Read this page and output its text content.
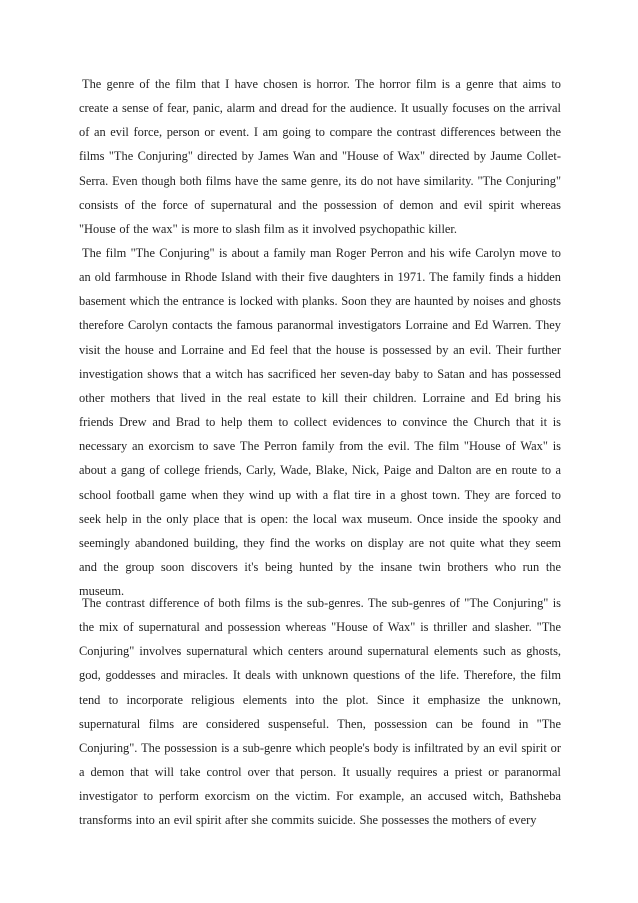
The genre of the film that I have chosen is horror. The horror film is a genre that aims to create a sense of fear, panic, alarm and dread for the audience. It usually focuses on the arrival of an evil force, person or event. I am going to compare the contrast differences between the films "The Conjuring" directed by James Wan and "House of Wax" directed by Jaume Collet-Serra. Even though both films have the same genre, its do not have similarity. "The Conjuring" consists of the force of supernatural and the possession of demon and evil spirit whereas "House of the wax" is more to slash film as it involved psychopathic killer.

The film "The Conjuring" is about a family man Roger Perron and his wife Carolyn move to an old farmhouse in Rhode Island with their five daughters in 1971. The family finds a hidden basement which the entrance is locked with planks. Soon they are haunted by noises and ghosts therefore Carolyn contacts the famous paranormal investigators Lorraine and Ed Warren. They visit the house and Lorraine and Ed feel that the house is possessed by an evil. Their further investigation shows that a witch has sacrificed her seven-day baby to Satan and has possessed other mothers that lived in the real estate to kill their children. Lorraine and Ed bring his friends Drew and Brad to help them to collect evidences to convince the Church that it is necessary an exorcism to save The Perron family from the evil. The film "House of Wax" is about a gang of college friends, Carly, Wade, Blake, Nick, Paige and Dalton are en route to a school football game when they wind up with a flat tire in a ghost town. They are forced to seek help in the only place that is open: the local wax museum. Once inside the spooky and seemingly abandoned building, they find the works on display are not quite what they seem and the group soon discovers it's being hunted by the insane twin brothers who run the museum.

The contrast difference of both films is the sub-genres. The sub-genres of "The Conjuring" is the mix of supernatural and possession whereas "House of Wax" is thriller and slasher. "The Conjuring" involves supernatural which centers around supernatural elements such as ghosts, god, goddesses and miracles. It deals with unknown questions of the life. Therefore, the film tend to incorporate religious elements into the plot. Since it emphasize the unknown, supernatural films are considered suspenseful. Then, possession can be found in "The Conjuring". The possession is a sub-genre which people's body is infiltrated by an evil spirit or a demon that will take control over that person. It usually requires a priest or paranormal investigator to perform exorcism on the victim. For example, an accused witch, Bathsheba transforms into an evil spirit after she commits suicide. She possesses the mothers of every
